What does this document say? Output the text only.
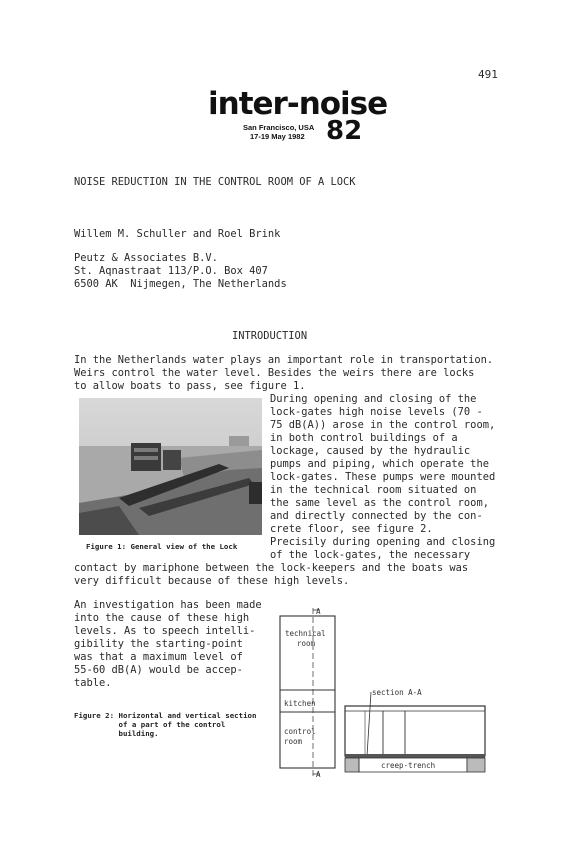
491
inter-noise
San Francisco, USA
17-19 May 1982 82
NOISE REDUCTION IN THE CONTROL ROOM OF A LOCK
Willem M. Schuller and Roel Brink
Peutz & Associates B.V.
St. Aqnastraat 113/P.O. Box 407
6500 AK  Nijmegen, The Netherlands
INTRODUCTION
In the Netherlands water plays an important role in transportation.
Weirs control the water level. Besides the weirs there are locks
to allow boats to pass, see figure 1.
Figure 1: General view of the Lock
During opening and closing of the
lock-gates high noise levels (70 -
75 dB(A)) arose in the control room,
in both control buildings of a
lockage, caused by the hydraulic
pumps and piping, which operate the
lock-gates. These pumps were mounted
in the technical room situated on
the same level as the control room,
and directly connected by the con-
crete floor, see figure 2.
Precisily during opening and closing
of the lock-gates, the necessary
contact by mariphone between the lock-keepers and the boats was
very difficult because of these high levels.
An investigation has been made
into the cause of these high
levels. As to speech intelli-
gibility the starting-point
was that a maximum level of
55-60 dB(A) would be accep-
table.
Figure 2: Horizontal and vertical section
of a part of the control
building.
A
A
technical
room
kitchen
control
room
section A-A
creep-trench
